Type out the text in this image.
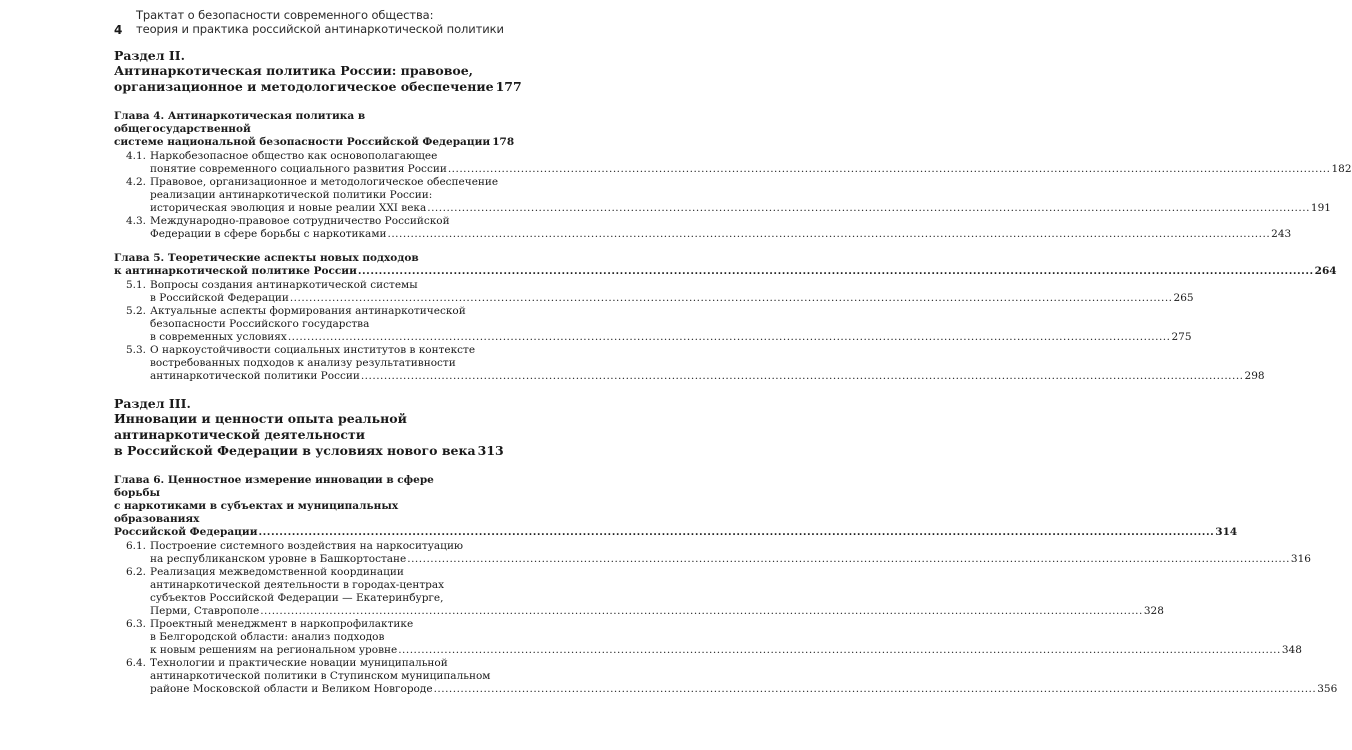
4
Трактат о безопасности современного общества:
теория и практика российской антинаркотической политики
Раздел II.
Антинаркотическая политика России: правовое,
организационное и методологическое обеспечение 177
Глава 4. Антинаркотическая политика в общегосударственной
системе национальной безопасности Российской Федерации 178
4.1. Наркобезопасное общество как основополагающее
понятие современного социального развития России .....	182
4.2. Правовое, организационное и методологическое обеспечение
реализации антинаркотической политики России:
историческая эволюция и новые реалии XXI века .....	191
4.3. Международно-правовое сотрудничество Российской
Федерации в сфере борьбы с наркотиками .....	243
Глава 5. Теоретические аспекты новых подходов
к антинаркотической политике России .....	264
5.1. Вопросы создания антинаркотической системы
в Российской Федерации .....	265
5.2. Актуальные аспекты формирования антинаркотической
безопасности Российского государства
в современных условиях .....	275
5.3. О наркоустойчивости социальных институтов в контексте
востребованных подходов к анализу результативности
антинаркотической политики России .....	298
Раздел III.
Инновации и ценности опыта реальной
антинаркотической деятельности
в Российской Федерации в условиях нового века 313
Глава 6. Ценностное измерение инновации в сфере борьбы
с наркотиками в субъектах и муниципальных образованиях
Российской Федерации .....	314
6.1. Построение системного воздействия на наркоситуацию
на республиканском уровне в Башкортостане .....	316
6.2. Реализация межведомственной координации
антинаркотической деятельности в городах-центрах
субъектов Российской Федерации — Екатеринбурге,
Перми, Ставрополе .....	328
6.3. Проектный менеджмент в наркопрофилактике
в Белгородской области: анализ подходов
к новым решениям на региональном уровне .....	348
6.4. Технологии и практические новации муниципальной
антинаркотической политики в Ступинском муниципальном
районе Московской области и Великом Новгороде .....	356
